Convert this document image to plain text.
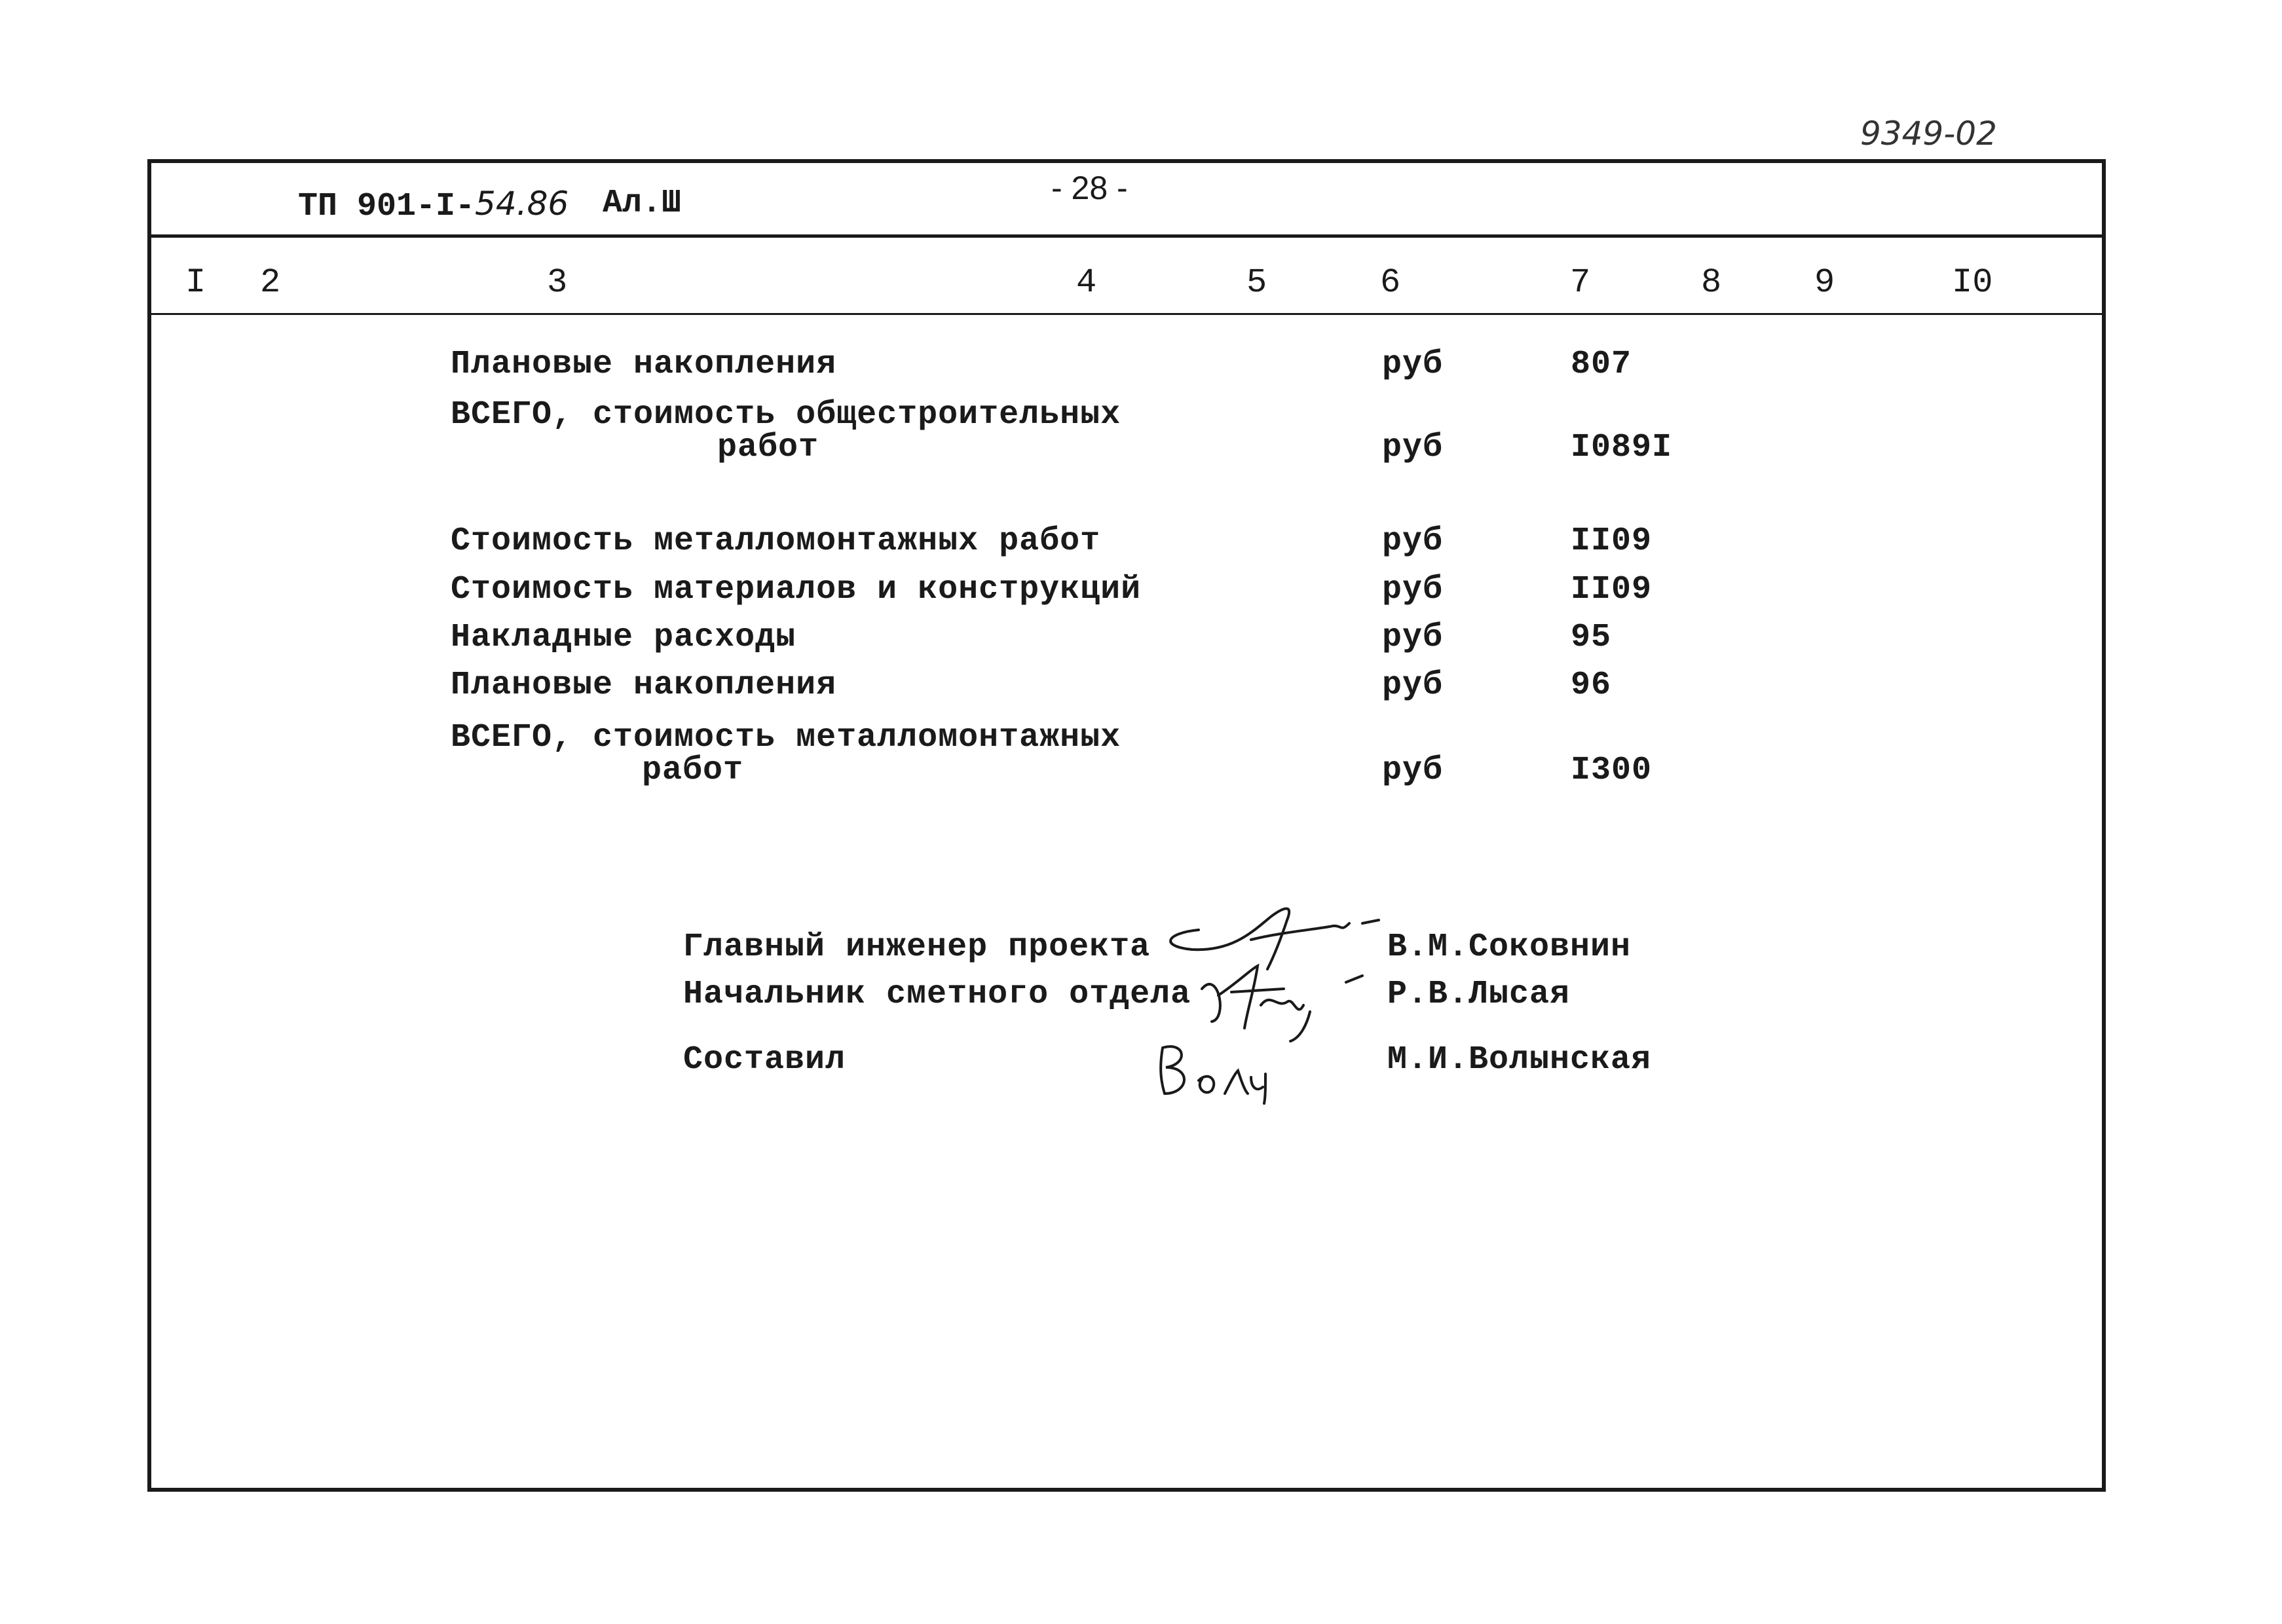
9349-02
ТП 901-I-54.86 Ал.Ш	- 28 -
I 2	3	4	5	6	7	8	9	I0
Плановые накопления	руб	807
ВСЕГО, стоимость общестроительных
работ	руб	I089I
Стоимость металломонтажных работ	руб	II09
Стоимость материалов и конструкций	руб	II09
Накладные расходы	руб	95
Плановые накопления	руб	96
ВСЕГО, стоимость металломонтажных
работ	руб	I300
Главный инженер проекта	В.М.Соковнин
Начальник сметного отдела	Р.В.Лысая
Составил	М.И.Волынская
